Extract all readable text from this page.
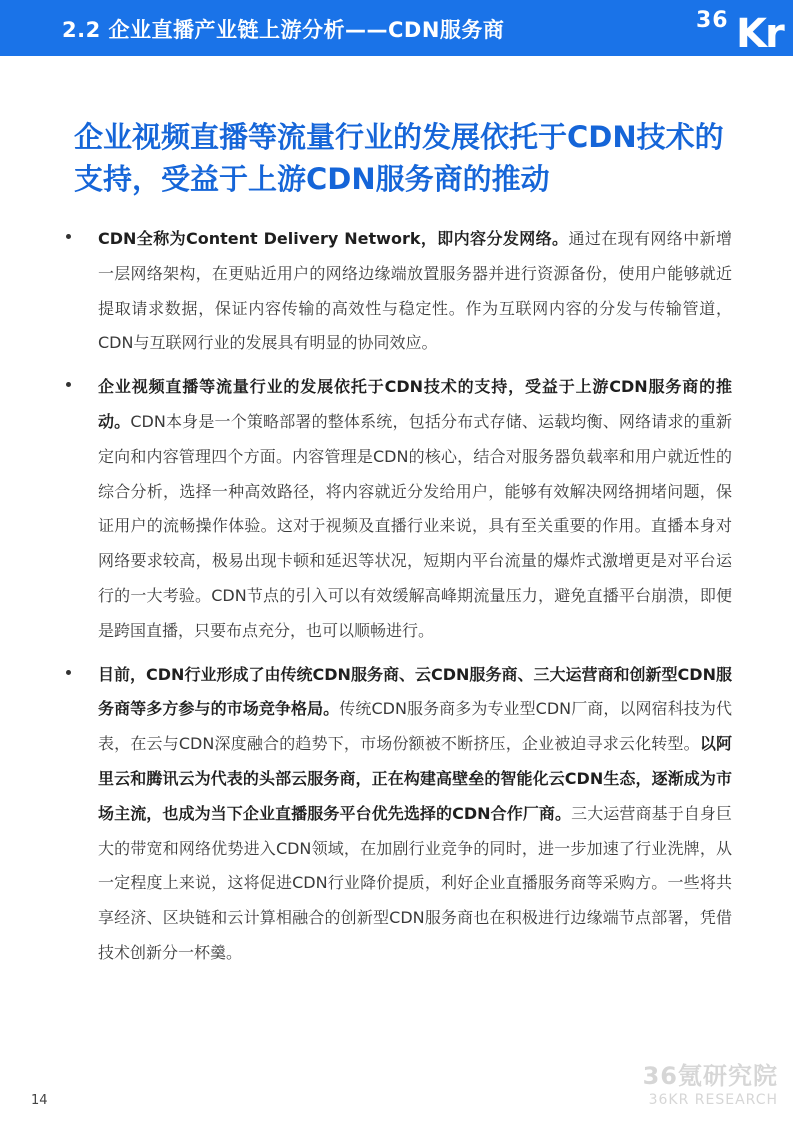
2.2 企业直播产业链上游分析——CDN服务商	36 Kr
企业视频直播等流量行业的发展依托于CDN技术的支持，受益于上游CDN服务商的推动

CDN全称为Content Delivery Network，即内容分发网络。通过在现有网络中新增一层网络架构，在更贴近用户的网络边缘端放置服务器并进行资源备份，使用户能够就近提取请求数据，保证内容传输的高效性与稳定性。作为互联网内容的分发与传输管道，CDN与互联网行业的发展具有明显的协同效应。

企业视频直播等流量行业的发展依托于CDN技术的支持，受益于上游CDN服务商的推动。CDN本身是一个策略部署的整体系统，包括分布式存储、运载均衡、网络请求的重新定向和内容管理四个方面。内容管理是CDN的核心，结合对服务器负载率和用户就近性的综合分析，选择一种高效路径，将内容就近分发给用户，能够有效解决网络拥堵问题，保证用户的流畅操作体验。这对于视频及直播行业来说，具有至关重要的作用。直播本身对网络要求较高，极易出现卡顿和延迟等状况，短期内平台流量的爆炸式激增更是对平台运行的一大考验。CDN节点的引入可以有效缓解高峰期流量压力，避免直播平台崩溃，即便是跨国直播，只要布点充分，也可以顺畅进行。

目前，CDN行业形成了由传统CDN服务商、云CDN服务商、三大运营商和创新型CDN服务商等多方参与的市场竞争格局。传统CDN服务商多为专业型CDN厂商，以网宿科技为代表，在云与CDN深度融合的趋势下，市场份额被不断挤压，企业被迫寻求云化转型。以阿里云和腾讯云为代表的头部云服务商，正在构建高壁垒的智能化云CDN生态，逐渐成为市场主流，也成为当下企业直播服务平台优先选择的CDN合作厂商。三大运营商基于自身巨大的带宽和网络优势进入CDN领域，在加剧行业竞争的同时，进一步加速了行业洗牌，从一定程度上来说，这将促进CDN行业降价提质，利好企业直播服务商等采购方。一些将共享经济、区块链和云计算相融合的创新型CDN服务商也在积极进行边缘端节点部署，凭借技术创新分一杯羹。

36氪研究院
36KR RESEARCH
14
